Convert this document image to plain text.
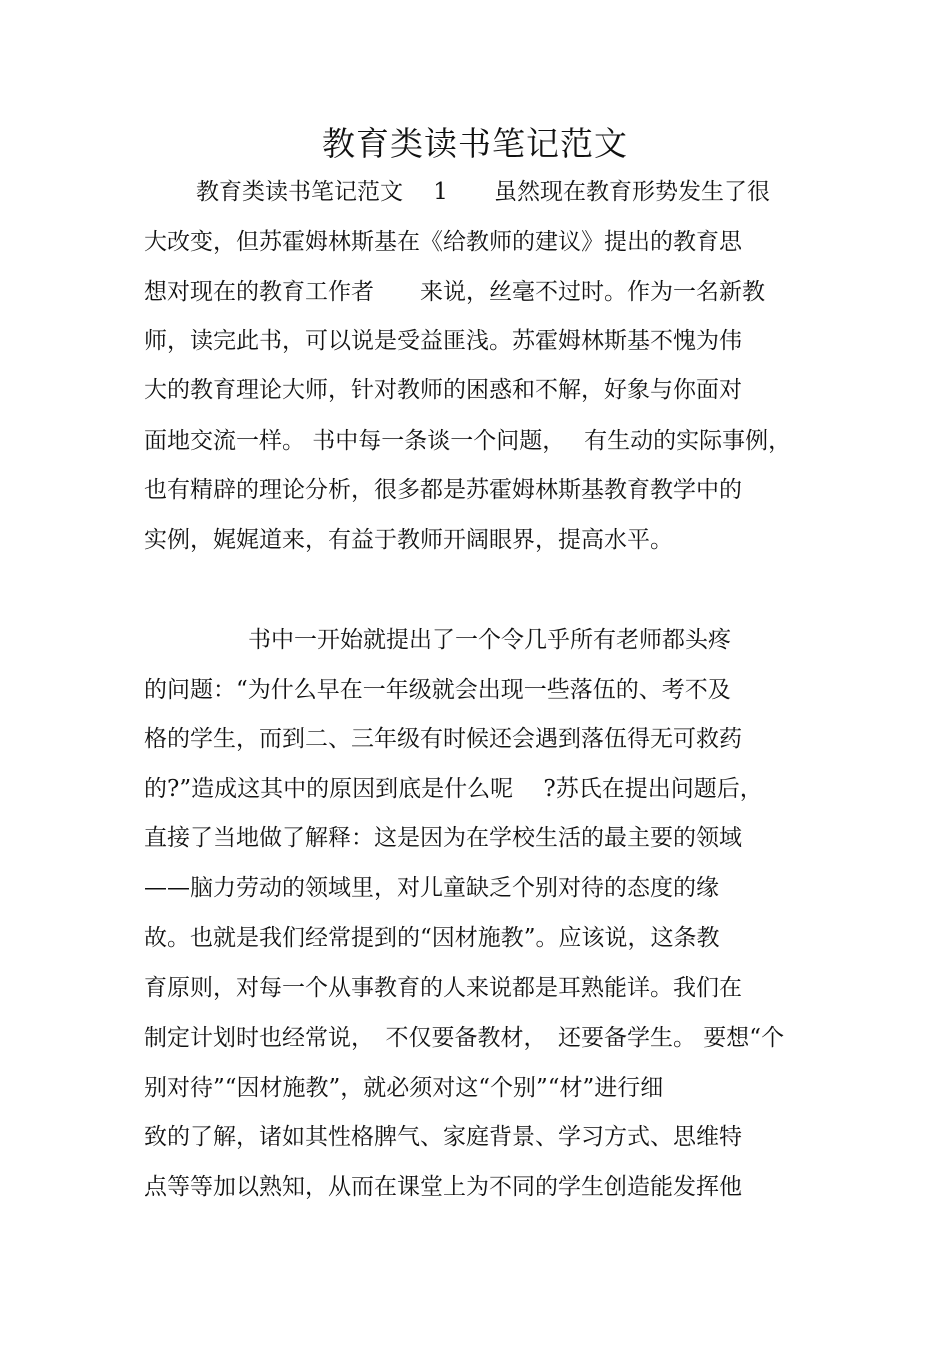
教育类读书笔记范文

教育类读书笔记范文　 1　　虽然现在教育形势发生了很

大改变，但苏霍姆林斯基在《给教师的建议》提出的教育思

想对现在的教育工作者　　来说，丝毫不过时。作为一名新教

师，读完此书，可以说是受益匪浅。苏霍姆林斯基不愧为伟

大的教育理论大师，针对教师的困惑和不解，好象与你面对

面地交流一样。 书中每一条谈一个问题，　 有生动的实际事例，

也有精辟的理论分析，很多都是苏霍姆林斯基教育教学中的

实例，娓娓道来，有益于教师开阔眼界，提高水平。

书中一开始就提出了一个令几乎所有老师都头疼

的问题：“为什么早在一年级就会出现一些落伍的、考不及

格的学生，而到二、三年级有时候还会遇到落伍得无可救药

的?”造成这其中的原因到底是什么呢　 ?苏氏在提出问题后，

直接了当地做了解释：这是因为在学校生活的最主要的领域

——脑力劳动的领域里，对儿童缺乏个别对待的态度的缘

故。也就是我们经常提到的“因材施教”。应该说，这条教

育原则，对每一个从事教育的人来说都是耳熟能详。我们在

制定计划时也经常说，　不仅要备教材，　还要备学生。 要想“个

别对待”“因材施教”，就必须对这“个别”“材”进行细

致的了解，诸如其性格脾气、家庭背景、学习方式、思维特

点等等加以熟知，从而在课堂上为不同的学生创造能发挥他
